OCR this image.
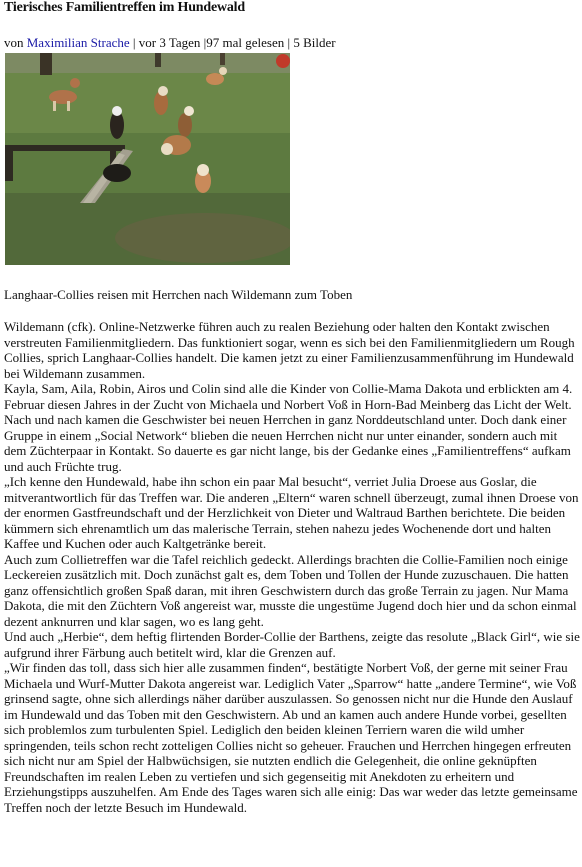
Tierisches Familientreffen im Hundewald
von Maximilian Strache | vor 3 Tagen |97 mal gelesen | 5 Bilder
Langhaar-Collies reisen mit Herrchen nach Wildemann zum Toben

Wildemann (cfk). Online-Netzwerke führen auch zu realen Beziehung oder halten den Kontakt zwischen verstreuten Familienmitgliedern. Das funktioniert sogar, wenn es sich bei den Familienmitgliedern um Rough Collies, sprich Langhaar-Collies handelt. Die kamen jetzt zu einer Familienzusammenführung im Hundewald bei Wildemann zusammen.

Kayla, Sam, Aila, Robin, Airos und Colin sind alle die Kinder von Collie-Mama Dakota und erblickten am 4. Februar diesen Jahres in der Zucht von Michaela und Norbert Voß in Horn-Bad Meinberg das Licht der Welt. Nach und nach kamen die Geschwister bei neuen Herrchen in ganz Norddeutschland unter. Doch dank einer Gruppe in einem „Social Network“ blieben die neuen Herrchen nicht nur unter einander, sondern auch mit dem Züchterpaar in Kontakt. So dauerte es gar nicht lange, bis der Gedanke eines „Familientreffens“ aufkam und auch Früchte trug.

„Ich kenne den Hundewald, habe ihn schon ein paar Mal besucht“, verriet Julia Droese aus Goslar, die mitverantwortlich für das Treffen war. Die anderen „Eltern“ waren schnell überzeugt, zumal ihnen Droese von der enormen Gastfreundschaft und der Herzlichkeit von Dieter und Waltraud Barthen berichtete. Die beiden kümmern sich ehrenamtlich um das malerische Terrain, stehen nahezu jedes Wochenende dort und halten Kaffee und Kuchen oder auch Kaltgetränke bereit.

Auch zum Collietreffen war die Tafel reichlich gedeckt. Allerdings brachten die Collie-Familien noch einige Leckereien zusätzlich mit. Doch zunächst galt es, dem Toben und Tollen der Hunde zuzuschauen. Die hatten ganz offensichtlich großen Spaß daran, mit ihren Geschwistern durch das große Terrain zu jagen. Nur Mama Dakota, die mit den Züchtern Voß angereist war, musste die ungestüme Jugend doch hier und da schon einmal dezent anknurren und klar sagen, wo es lang geht.

Und auch „Herbie“, dem heftig flirtenden Border-Collie der Barthens, zeigte das resolute „Black Girl“, wie sie aufgrund ihrer Färbung auch betitelt wird, klar die Grenzen auf.

„Wir finden das toll, dass sich hier alle zusammen finden“, bestätigte Norbert Voß, der gerne mit seiner Frau Michaela und Wurf-Mutter Dakota angereist war. Lediglich Vater „Sparrow“ hatte „andere Termine“, wie Voß grinsend sagte, ohne sich allerdings näher darüber auszulassen. So genossen nicht nur die Hunde den Auslauf im Hundewald und das Toben mit den Geschwistern. Ab und an kamen auch andere Hunde vorbei, gesellten sich problemlos zum turbulenten Spiel. Lediglich den beiden kleinen Terriern waren die wild umher springenden, teils schon recht zotteligen Collies nicht so geheuer. Frauchen und Herrchen hingegen erfreuten sich nicht nur am Spiel der Halbwüchsigen, sie nutzten endlich die Gelegenheit, die online geknüpften Freundschaften im realen Leben zu vertiefen und sich gegenseitig mit Anekdoten zu erheitern und Erziehungstipps auszuhelfen. Am Ende des Tages waren sich alle einig: Das war weder das letzte gemeinsame Treffen noch der letzte Besuch im Hundewald.
